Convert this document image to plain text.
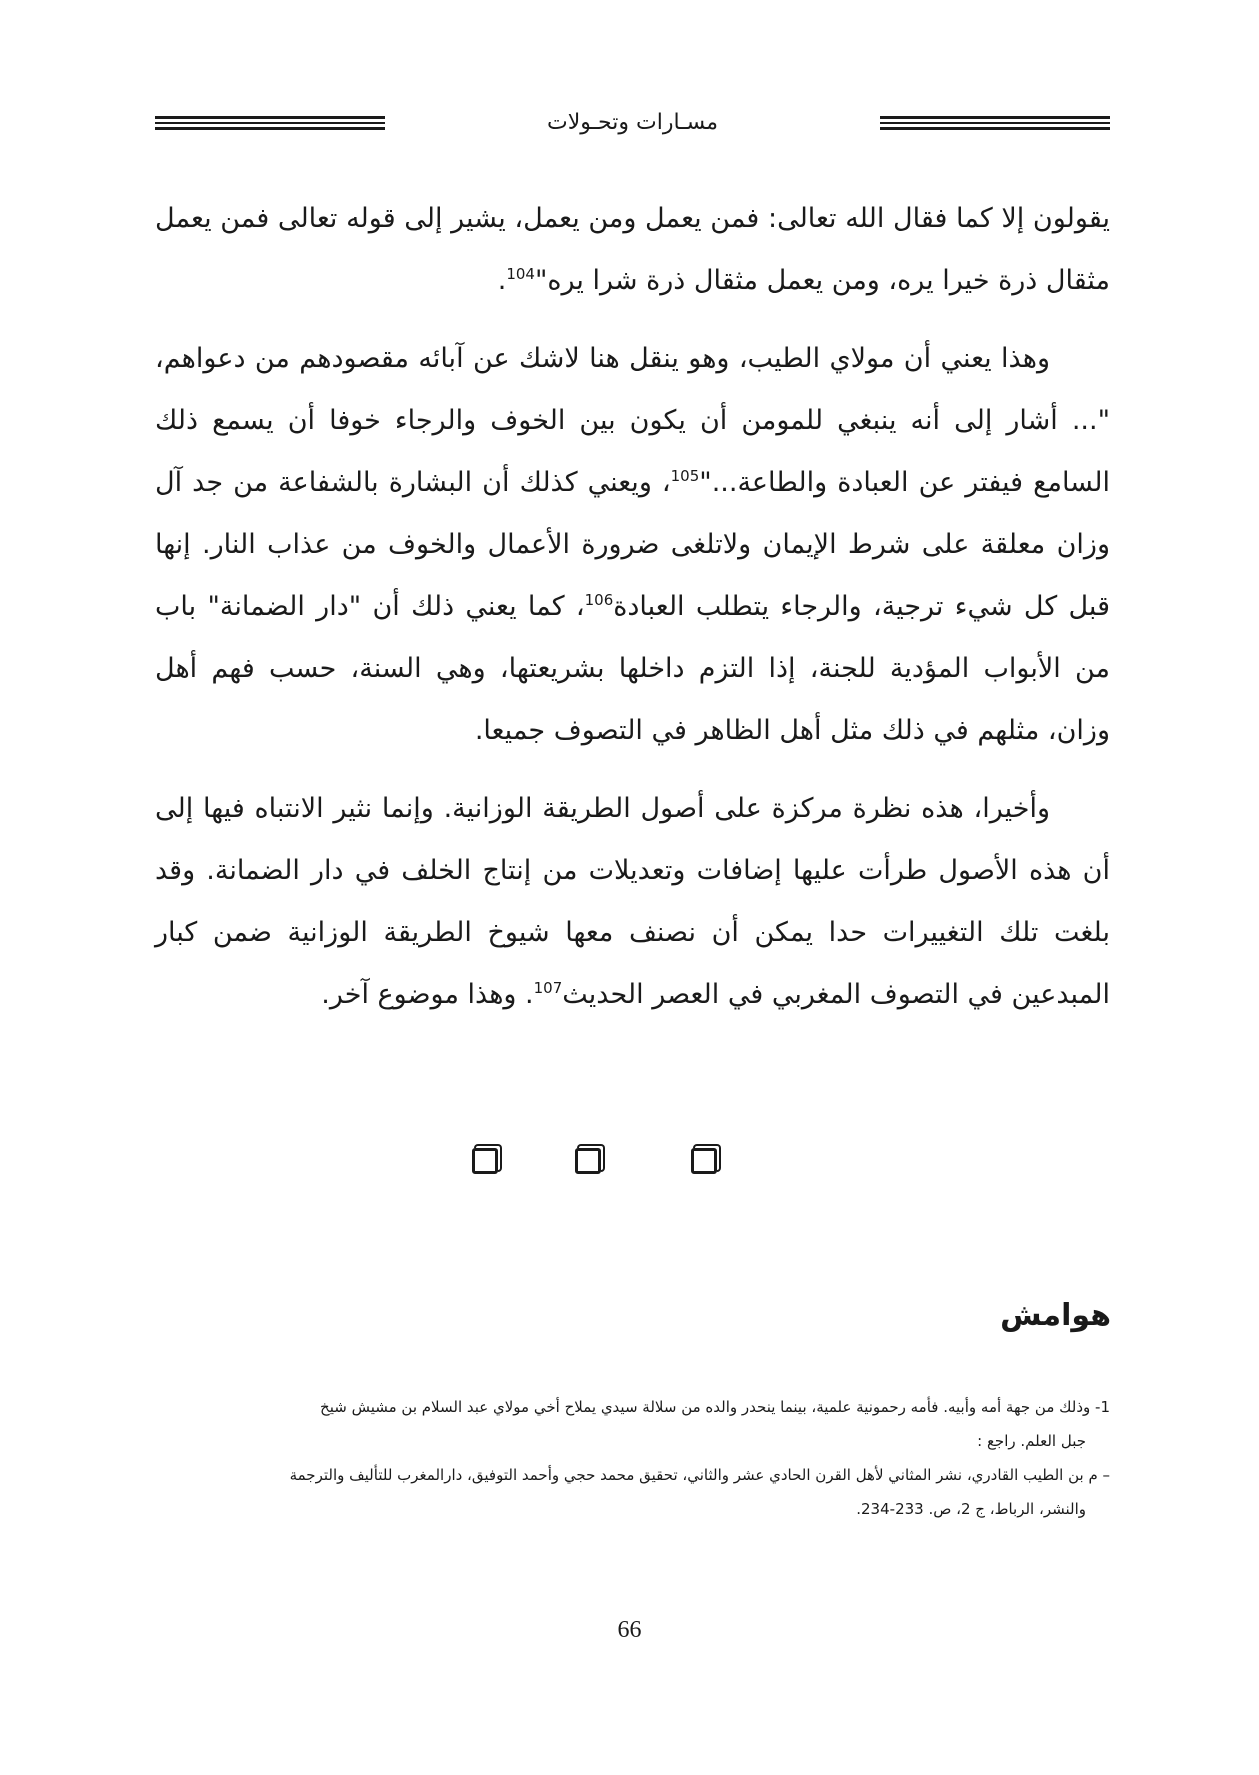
مسـارات وتحـولات

يقولون إلا كما فقال الله تعالى: فمن يعمل ومن يعمل، يشير إلى قوله تعالى فمن يعمل مثقال ذرة خيرا يره، ومن يعمل مثقال ذرة شرا يره"$^{104}$.

وهذا يعني أن مولاي الطيب، وهو ينقل هنا لاشك عن آبائه مقصودهم من دعواهم، "... أشار إلى أنه ينبغي للمومن أن يكون بين الخوف والرجاء خوفا أن يسمع ذلك السامع فيفتر عن العبادة والطاعة..."$^{105}$، ويعني كذلك أن البشارة بالشفاعة من جد آل وزان معلقة على شرط الإيمان ولاتلغى ضرورة الأعمال والخوف من عذاب النار. إنها قبل كل شيء ترجية، والرجاء يتطلب العبادة$^{106}$، كما يعني ذلك أن "دار الضمانة" باب من الأبواب المؤدية للجنة، إذا التزم داخلها بشريعتها، وهي السنة، حسب فهم أهل وزان، مثلهم في ذلك مثل أهل الظاهر في التصوف جميعا.

وأخيرا، هذه نظرة مركزة على أصول الطريقة الوزانية. وإنما نثير الانتباه فيها إلى أن هذه الأصول طرأت عليها إضافات وتعديلات من إنتاج الخلف في دار الضمانة. وقد بلغت تلك التغييرات حدا يمكن أن نصنف معها شيوخ الطريقة الوزانية ضمن كبار المبدعين في التصوف المغربي في العصر الحديث$^{107}$. وهذا موضوع آخر.

هوامش

1- وذلك من جهة أمه وأبيه. فأمه رحمونية علمية، بينما ينحدر والده من سلالة سيدي يملاح أخي مولاي عبد السلام بن مشيش شيخ

جبل العلم. راجع :

– م بن الطيب القادري، نشر المثاني لأهل القرن الحادي عشر والثاني، تحقيق محمد حجي وأحمد التوفيق، دارالمغرب للتأليف والترجمة

والنشر، الرباط، ج 2، ص. 233-234.

66
